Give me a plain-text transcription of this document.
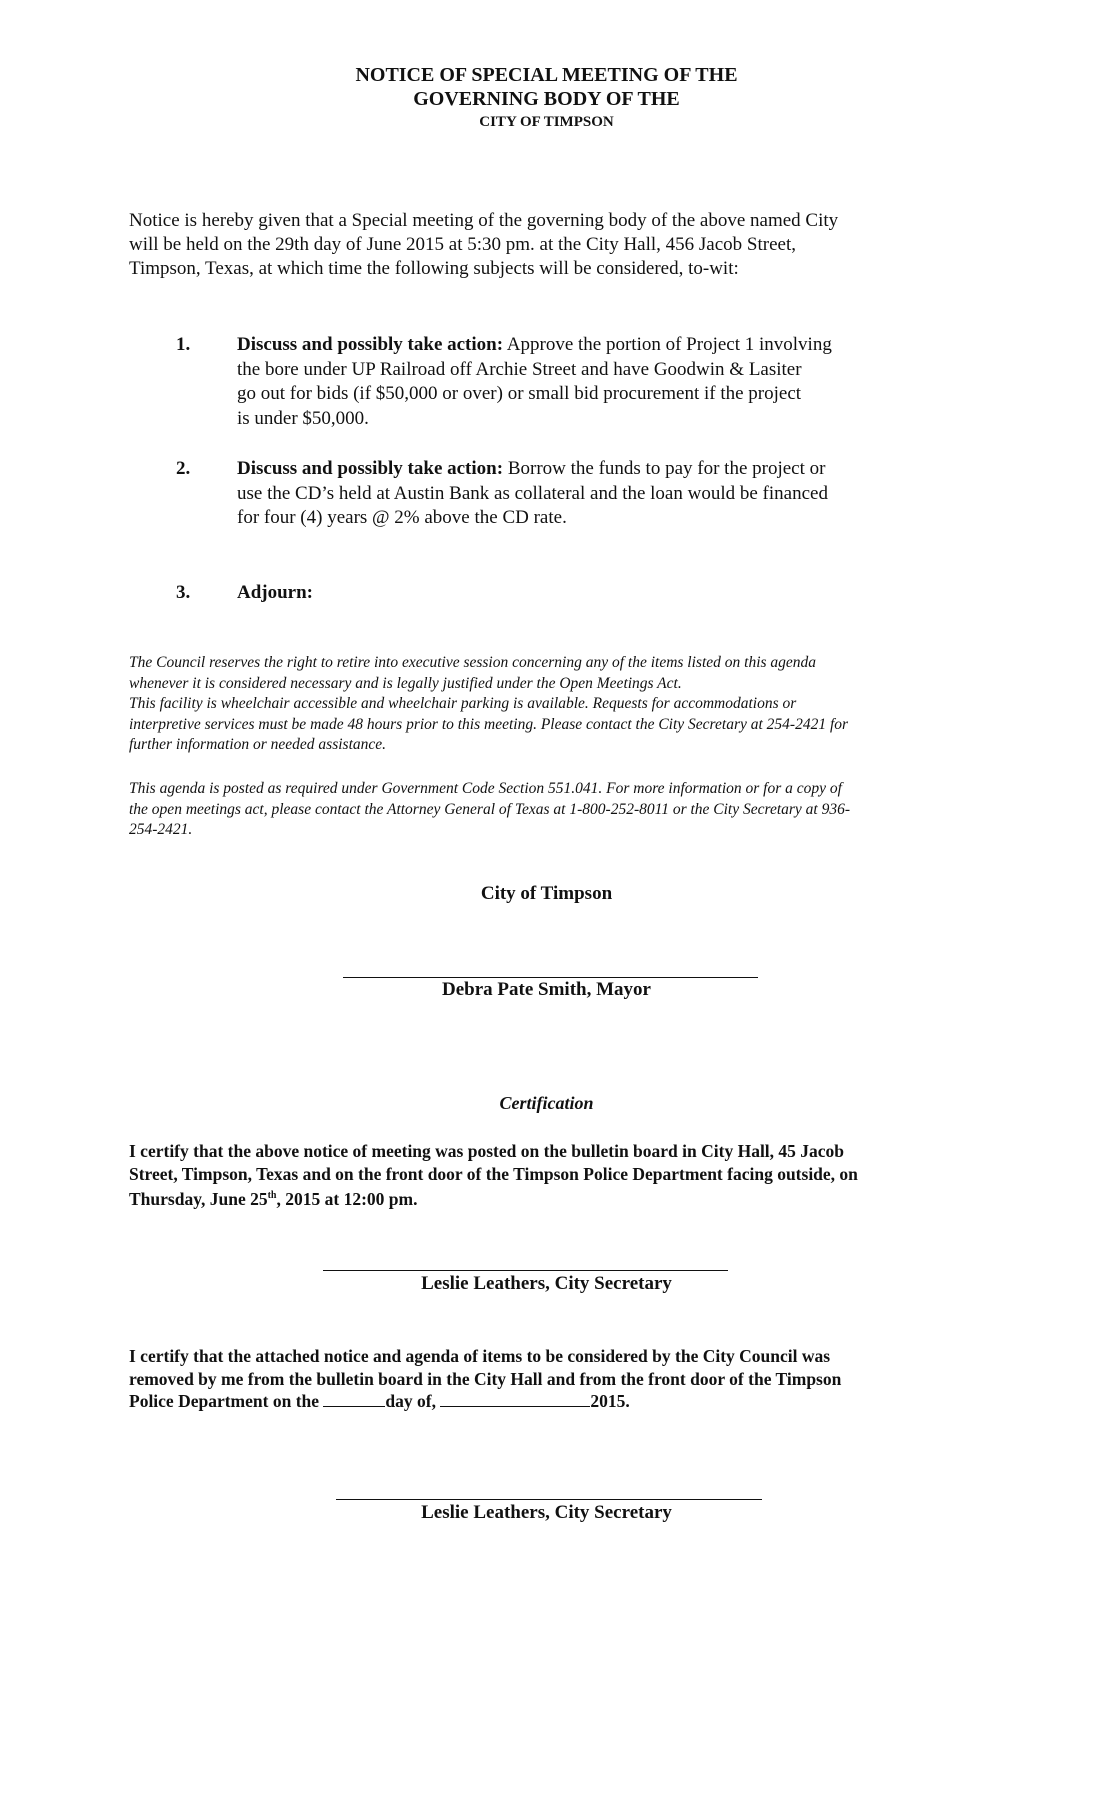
NOTICE OF SPECIAL MEETING OF THE
GOVERNING BODY OF THE
CITY OF TIMPSON
Notice is hereby given that a Special meeting of the governing body of the above named City
will be held on the 29th day of June 2015 at 5:30 pm. at the City Hall, 456 Jacob Street,
Timpson, Texas, at which time the following subjects will be considered, to-wit:
1. Discuss and possibly take action: Approve the portion of Project 1 involving
the bore under UP Railroad off Archie Street and have Goodwin & Lasiter
go out for bids (if $50,000 or over) or small bid procurement if the project
is under $50,000.
2. Discuss and possibly take action: Borrow the funds to pay for the project or
use the CD’s held at Austin Bank as collateral and the loan would be financed
for four (4) years @ 2% above the CD rate.
3. Adjourn:
The Council reserves the right to retire into executive session concerning any of the items listed on this agenda
whenever it is considered necessary and is legally justified under the Open Meetings Act.
This facility is wheelchair accessible and wheelchair parking is available. Requests for accommodations or
interpretive services must be made 48 hours prior to this meeting. Please contact the City Secretary at 254-2421 for
further information or needed assistance.
This agenda is posted as required under Government Code Section 551.041. For more information or for a copy of
the open meetings act, please contact the Attorney General of Texas at 1-800-252-8011 or the City Secretary at 936-
254-2421.
City of Timpson
Debra Pate Smith, Mayor
Certification
I certify that the above notice of meeting was posted on the bulletin board in City Hall, 45 Jacob
Street, Timpson, Texas and on the front door of the Timpson Police Department facing outside, on
Thursday, June 25th, 2015 at 12:00 pm.
Leslie Leathers, City Secretary
I certify that the attached notice and agenda of items to be considered by the City Council was
removed by me from the bulletin board in the City Hall and from the front door of the Timpson
Police Department on the	day of,	2015.
Leslie Leathers, City Secretary
